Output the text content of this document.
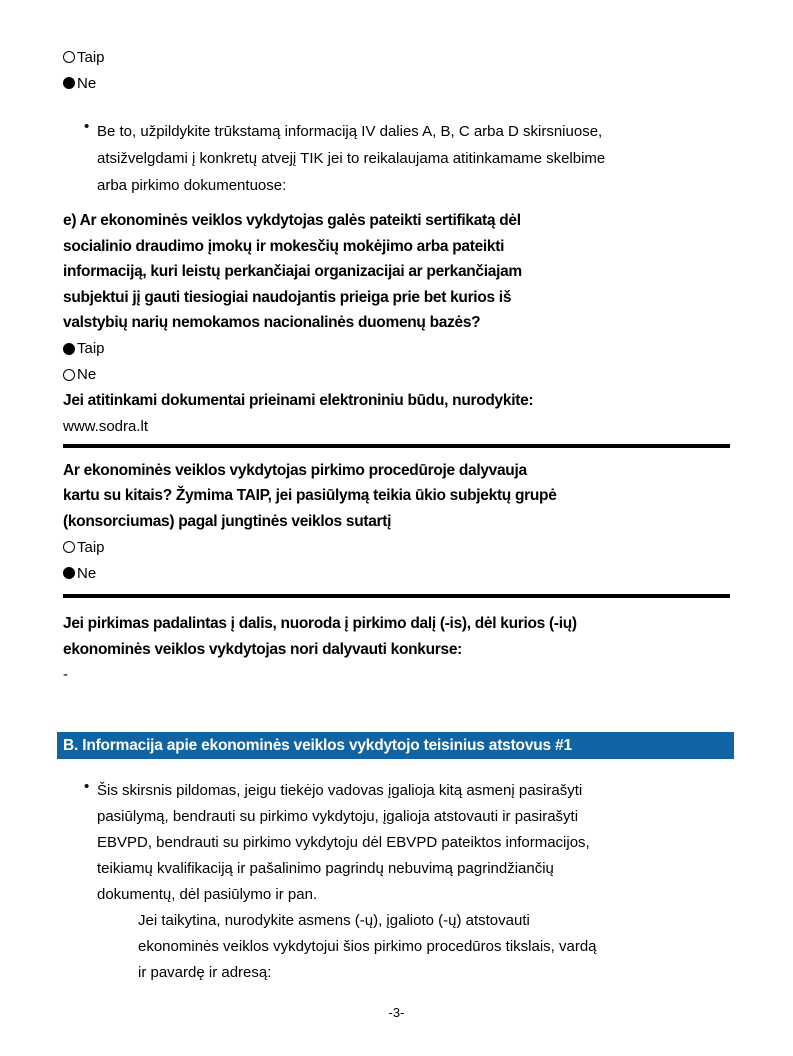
Taip
Ne
• Be to, užpildykite trūkstamą informaciją IV dalies A, B, C arba D skirsniuose,
atsižvelgdami į konkretų atvejį TIK jei to reikalaujama atitinkamame skelbime
arba pirkimo dokumentuose:
e) Ar ekonominės veiklos vykdytojas galės pateikti sertifikatą dėl
socialinio draudimo įmokų ir mokesčių mokėjimo arba pateikti
informaciją, kuri leistų perkančiajai organizacijai ar perkančiajam
subjektui jį gauti tiesiogiai naudojantis prieiga prie bet kurios iš
valstybių narių nemokamos nacionalinės duomenų bazės?
Taip
Ne
Jei atitinkami dokumentai prieinami elektroniniu būdu, nurodykite:
www.sodra.lt
Ar ekonominės veiklos vykdytojas pirkimo procedūroje dalyvauja
kartu su kitais? Žymima TAIP, jei pasiūlymą teikia ūkio subjektų grupė
(konsorciumas) pagal jungtinės veiklos sutartį
Taip
Ne
Jei pirkimas padalintas į dalis, nuoroda į pirkimo dalį (-is), dėl kurios (-ių)
ekonominės veiklos vykdytojas nori dalyvauti konkurse:
-
B. Informacija apie ekonominės veiklos vykdytojo teisinius atstovus #1
• Šis skirsnis pildomas, jeigu tiekėjo vadovas įgalioja kitą asmenį pasirašyti
pasiūlymą, bendrauti su pirkimo vykdytoju, įgalioja atstovauti ir pasirašyti
EBVPD, bendrauti su pirkimo vykdytoju dėl EBVPD pateiktos informacijos,
teikiamų kvalifikaciją ir pašalinimo pagrindų nebuvimą pagrindžiančių
dokumentų, dėl pasiūlymo ir pan.
Jei taikytina, nurodykite asmens (-ų), įgalioto (-ų) atstovauti
ekonominės veiklos vykdytojui šios pirkimo procedūros tikslais, vardą
ir pavardę ir adresą:
-3-
